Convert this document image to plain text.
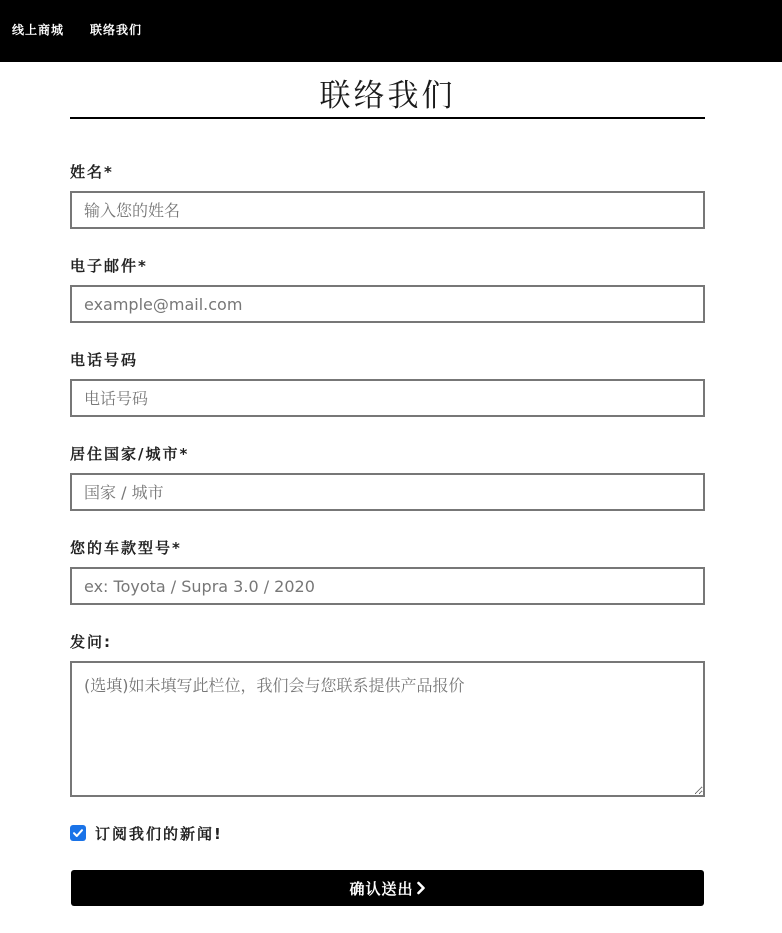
线上商城 联络我们
联络我们
姓名*
输入您的姓名
电子邮件*
example@mail.com
电话号码
电话号码
居住国家/城市*
国家 / 城市
您的车款型号*
ex: Toyota / Supra 3.0 / 2020
发问:
(选填)如未填写此栏位，我们会与您联系提供产品报价
订阅我们的新闻!
确认送出
